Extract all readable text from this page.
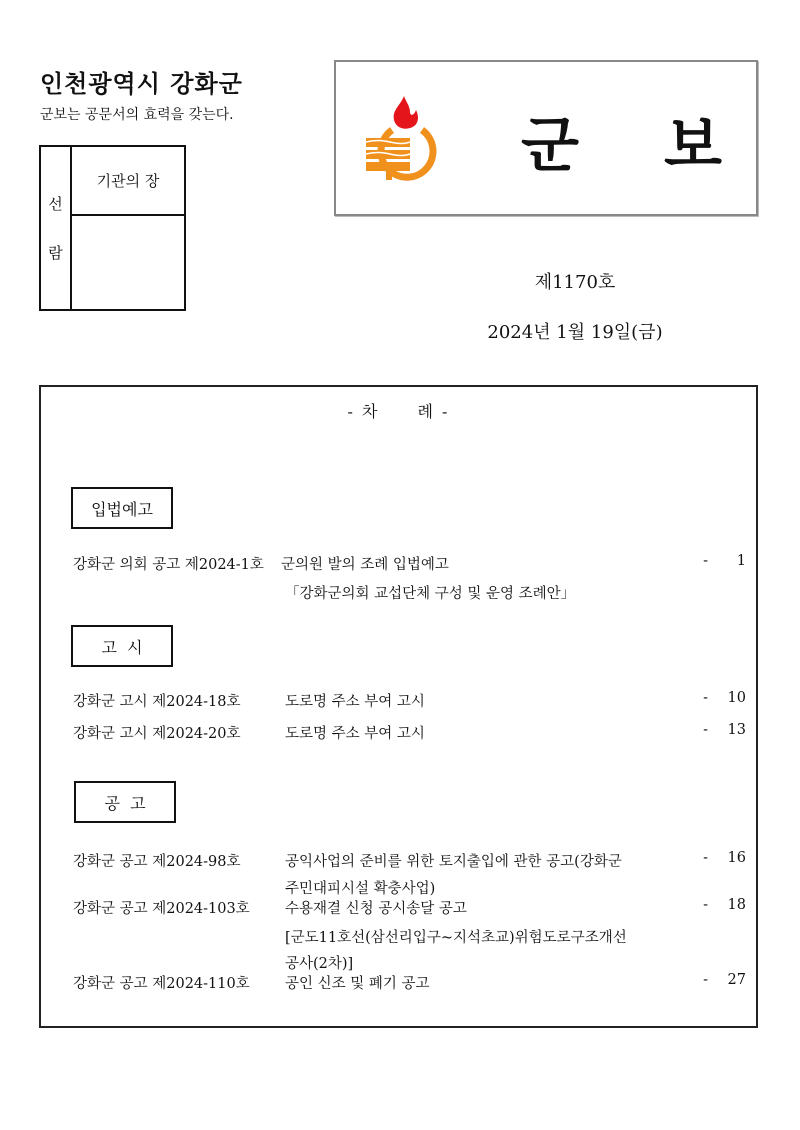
인천광역시 강화군
군보는 공문서의 효력을 갖는다.
선
람
기관의 장	군 보
제1170호
2024년 1월 19일(금)
- 차 례 -
입법예고
강화군 의회 공고 제2024-1호 군의원 발의 조례 입법예고	-	1
「강화군의회 교섭단체 구성 및 운영 조례안」
고  시
강화군 고시 제2024-18호	도로명 주소 부여 고시	-	10
강화군 고시 제2024-20호	도로명 주소 부여 고시	-	13
공  고
강화군 공고 제2024-98호	공익사업의 준비를 위한 토지출입에 관한 공고(강화군	-	16
주민대피시설 확충사업)
강화군 공고 제2024-103호 수용재결 신청 공시송달 공고	-	18
[군도11호선(삼선리입구~지석초교)위험도로구조개선
공사(2차)]
강화군 공고 제2024-110호 공인 신조 및 폐기 공고	-	27
